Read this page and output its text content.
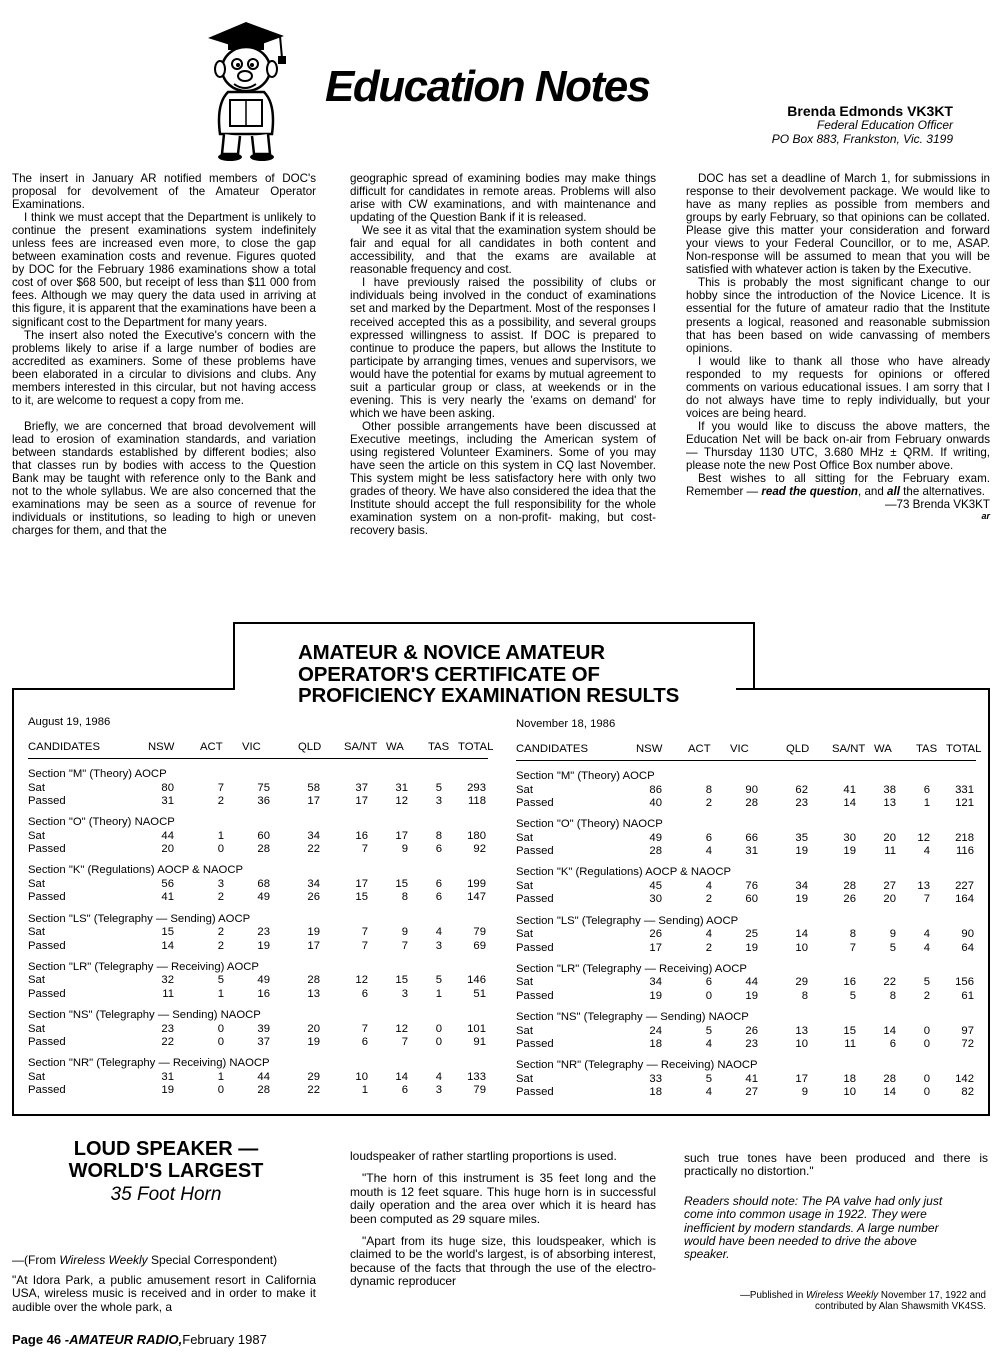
Education Notes	Brenda Edmonds VK3KT
Federal Education Officer
PO Box 883, Frankston, Vic. 3199

The insert in January AR notified members of DOC's proposal for devolvement of the Amateur Operator Examinations.

I think we must accept that the Department is unlikely to continue the present examinations system indefinitely unless fees are increased even more, to close the gap between examination costs and revenue. Figures quoted by DOC for the February 1986 examinations show a total cost of over $68 500, but receipt of less than $11 000 from fees. Although we may query the data used in arriving at this figure, it is apparent that the examinations have been a significant cost to the Department for many years.

The insert also noted the Executive's concern with the problems likely to arise if a large number of bodies are accredited as examiners. Some of these problems have been elaborated in a circular to divisions and clubs. Any members interested in this circular, but not having access to it, are welcome to request a copy from me.

Briefly, we are concerned that broad devolvement will lead to erosion of examination standards, and variation between standards established by different bodies; also that classes run by bodies with access to the Question Bank may be taught with reference only to the Bank and not to the whole syllabus. We are also concerned that the examinations may be seen as a source of revenue for individuals or institutions, so leading to high or uneven charges for them, and that the

geographic spread of examining bodies may make things difficult for candidates in remote areas. Problems will also arise with CW examinations, and with maintenance and updating of the Question Bank if it is released.

We see it as vital that the examination system should be fair and equal for all candidates in both content and accessibility, and that the exams are available at reasonable frequency and cost.

I have previously raised the possibility of clubs or individuals being involved in the conduct of examinations set and marked by the Department. Most of the responses I received accepted this as a possibility, and several groups expressed willingness to assist. If DOC is prepared to continue to produce the papers, but allows the Institute to participate by arranging times, venues and supervisors, we would have the potential for exams by mutual agreement to suit a particular group or class, at weekends or in the evening. This is very nearly the 'exams on demand' for which we have been asking.

Other possible arrangements have been discussed at Executive meetings, including the American system of using registered Volunteer Examiners. Some of you may have seen the article on this system in CQ last November. This system might be less satisfactory here with only two grades of theory. We have also considered the idea that the Institute should accept the full responsibility for the whole examination system on a non-profit- making, but cost-recovery basis.

DOC has set a deadline of March 1, for submissions in response to their devolvement package. We would like to have as many replies as possible from members and groups by early February, so that opinions can be collated. Please give this matter your consideration and forward your views to your Federal Councillor, or to me, ASAP. Non-response will be assumed to mean that you will be satisfied with whatever action is taken by the Executive.

This is probably the most significant change to our hobby since the introduction of the Novice Licence. It is essential for the future of amateur radio that the Institute presents a logical, reasoned and reasonable submission that has been based on wide canvassing of members opinions.

I would like to thank all those who have already responded to my requests for opinions or offered comments on various educational issues. I am sorry that I do not always have time to reply individually, but your voices are being heard.

If you would like to discuss the above matters, the Education Net will be back on-air from February onwards — Thursday 1130 UTC, 3.680 MHz ± QRM. If writing, please note the new Post Office Box number above.

Best wishes to all sitting for the February exam. Remember — read the question, and all the alternatives.

—73 Brenda VK3KT

ar

AMATEUR & NOVICE AMATEUR
OPERATOR'S CERTIFICATE OF
PROFICIENCY EXAMINATION RESULTS
August 19, 1986
CANDIDATES	NSW ACT VIC	QLD SA/NT WA TAS TOTAL
Section "M" (Theory) AOCP
Sat	80	7	75	58	37	31	5	293
Passed	31	2	36	17	17	12	3	118
Section "O" (Theory) NAOCP
Sat	44	1	60	34	16	17	8	180
Passed	20	0	28	22	7	9	6	92
Section "K" (Regulations) AOCP & NAOCP
Sat	56	3	68	34	17	15	6	199
Passed	41	2	49	26	15	8	6	147
Section "LS" (Telegraphy — Sending) AOCP
Sat	15	2	23	19	7	9	4	79
Passed	14	2	19	17	7	7	3	69
Section "LR" (Telegraphy — Receiving) AOCP
Sat	32	5	49	28	12	15	5	146
Passed	11	1	16	13	6	3	1	51
Section "NS" (Telegraphy — Sending) NAOCP
Sat	23	0	39	20	7	12	0	101
Passed	22	0	37	19	6	7	0	91
Section "NR" (Telegraphy — Receiving) NAOCP
Sat	31	1	44	29	10	14	4	133
Passed	19	0	28	22	1	6	3	79
November 18, 1986
CANDIDATES	NSW ACT VIC	QLD SA/NT WA TAS TOTAL
Section "M" (Theory) AOCP
Sat	86	8	90	62	41	38	6	331
Passed	40	2	28	23	14	13	1	121
Section "O" (Theory) NAOCP
Sat	49	6	66	35	30	20	12	218
Passed	28	4	31	19	19	11	4	116
Section "K" (Regulations) AOCP & NAOCP
Sat	45	4	76	34	28	27	13	227
Passed	30	2	60	19	26	20	7	164
Section "LS" (Telegraphy — Sending) AOCP
Sat	26	4	25	14	8	9	4	90
Passed	17	2	19	10	7	5	4	64
Section "LR" (Telegraphy — Receiving) AOCP
Sat	34	6	44	29	16	22	5	156
Passed	19	0	19	8	5	8	2	61
Section "NS" (Telegraphy — Sending) NAOCP
Sat	24	5	26	13	15	14	0	97
Passed	18	4	23	10	11	6	0	72
Section "NR" (Telegraphy — Receiving) NAOCP
Sat	33	5	41	17	18	28	0	142
Passed	18	4	27	9	10	14	0	82
LOUD SPEAKER —
WORLD'S LARGEST
35 Foot Horn

—(From Wireless Weekly Special Correspondent)

"At Idora Park, a public amusement resort in California USA, wireless music is received and in order to make it audible over the whole park, a

loudspeaker of rather startling proportions is used.

"The horn of this instrument is 35 feet long and the mouth is 12 feet square. This huge horn is in successful daily operation and the area over which it is heard has been computed as 29 square miles.

"Apart from its huge size, this loudspeaker, which is claimed to be the world's largest, is of absorbing interest, because of the facts that through the use of the electro-dynamic reproducer

such true tones have been produced and there is practically no distortion."

Readers should note: The PA valve had only just come into common usage in 1922. They were inefficient by modern standards. A large number would have been needed to drive the above speaker.

—Published in Wireless Weekly November 17, 1922 and
contributed by Alan Shawsmith VK4SS.
Page 46 -AMATEUR RADIO,February 1987
